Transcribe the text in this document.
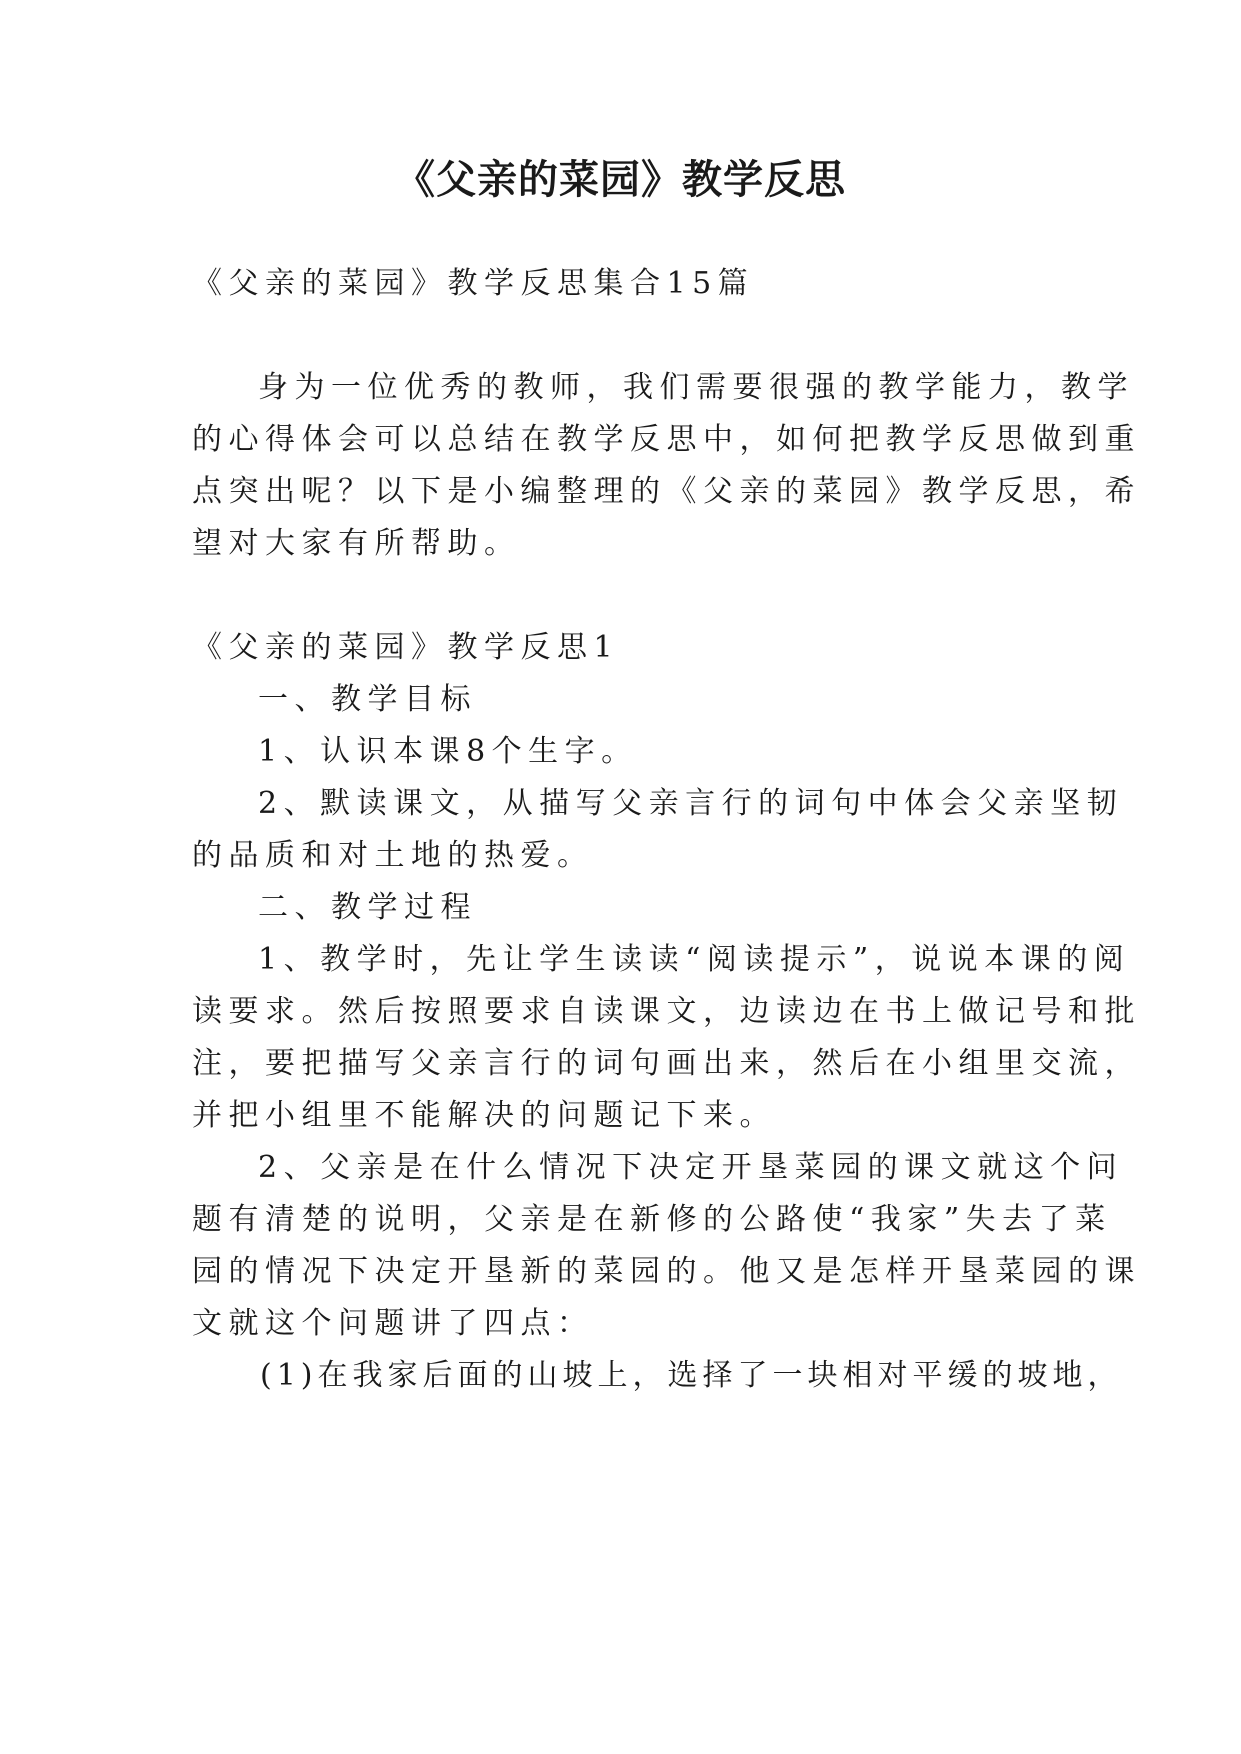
《父亲的菜园》教学反思

《父亲的菜园》教学反思集合15篇

身为一位优秀的教师，我们需要很强的教学能力，教学

的心得体会可以总结在教学反思中，如何把教学反思做到重

点突出呢？以下是小编整理的《父亲的菜园》教学反思，希

望对大家有所帮助。

《父亲的菜园》教学反思1

一、教学目标

1、认识本课8个生字。

2、默读课文，从描写父亲言行的词句中体会父亲坚韧

的品质和对土地的热爱。

二、教学过程

1、教学时，先让学生读读“阅读提示”，说说本课的阅

读要求。然后按照要求自读课文，边读边在书上做记号和批

注，要把描写父亲言行的词句画出来，然后在小组里交流，

并把小组里不能解决的问题记下来。

2、父亲是在什么情况下决定开垦菜园的课文就这个问

题有清楚的说明，父亲是在新修的公路使“我家”失去了菜

园的情况下决定开垦新的菜园的。他又是怎样开垦菜园的课

文就这个问题讲了四点：

(1)在我家后面的山坡上，选择了一块相对平缓的坡地，
